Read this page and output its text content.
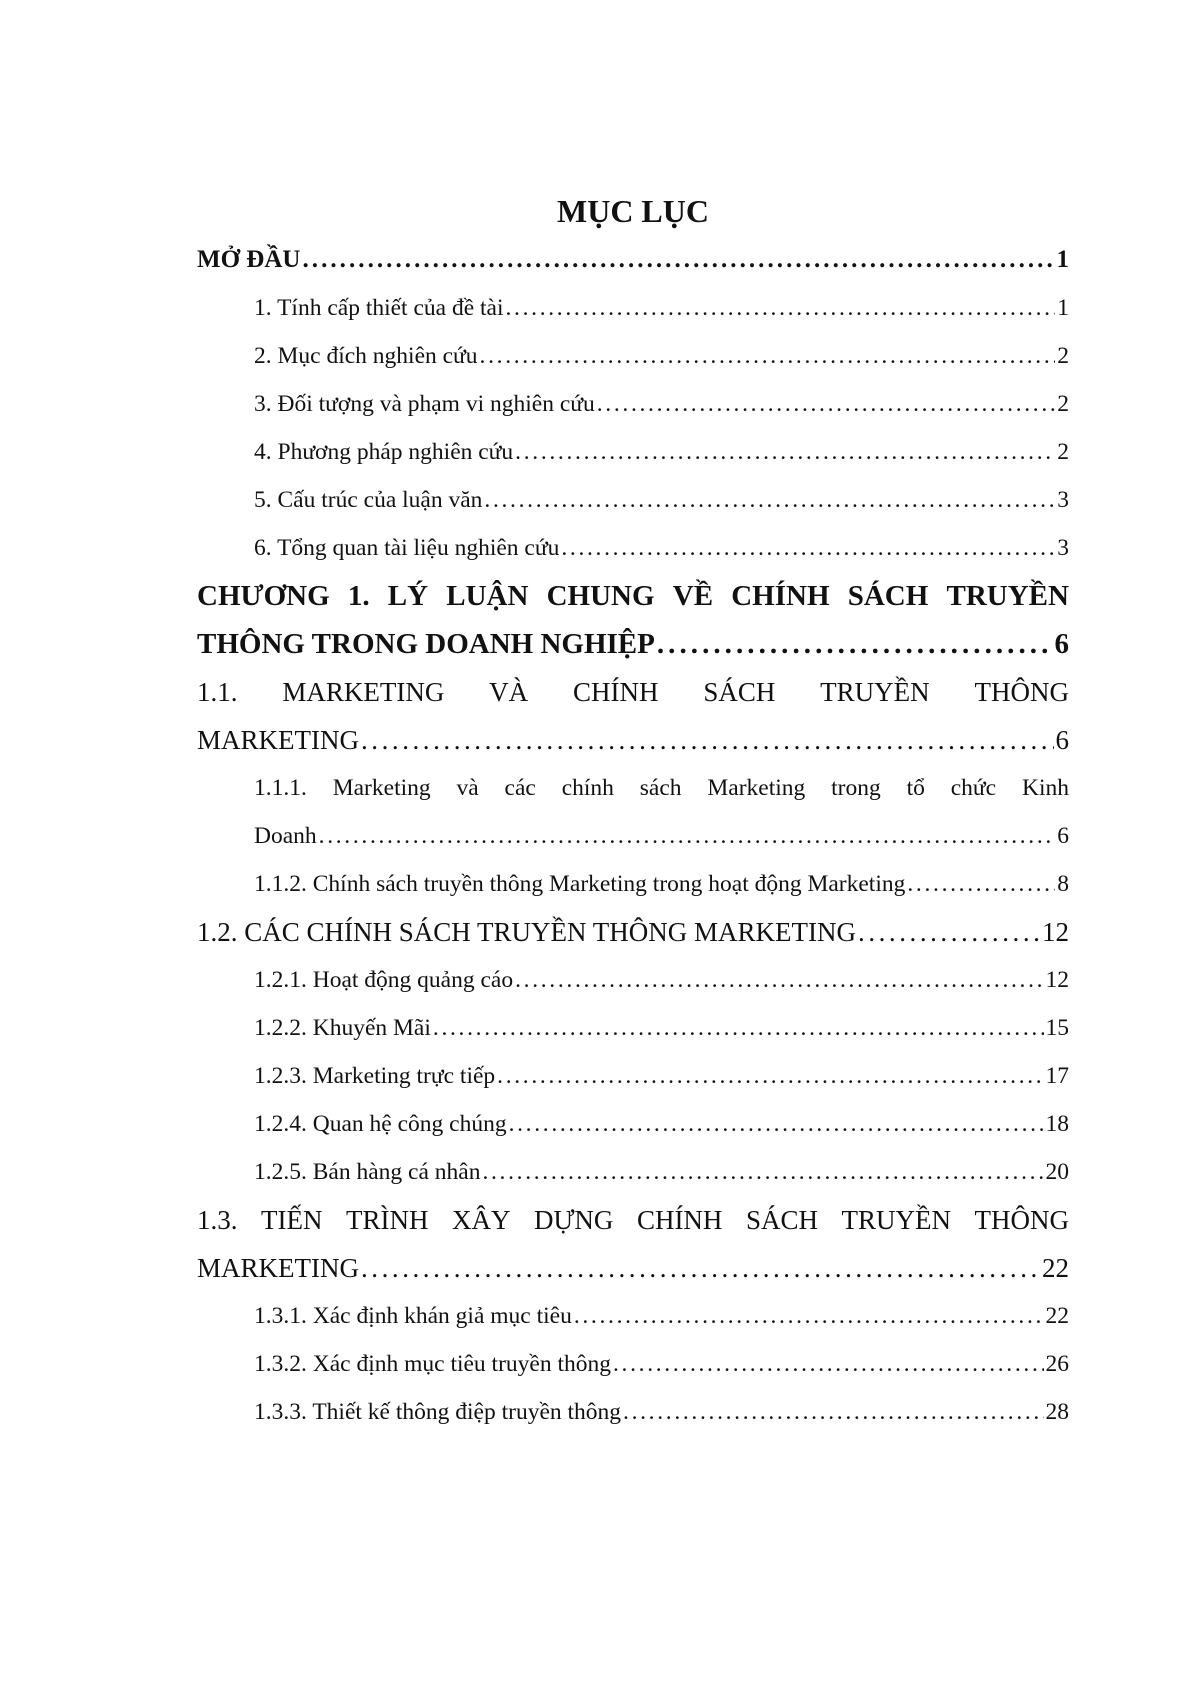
MỤC LỤC
MỞ ĐẦU . . .	1
1. Tính cấp thiết của đề tài . . .	1
2. Mục đích nghiên cứu . . .	2
3. Đối tượng và phạm vi nghiên cứu . . .	2
4. Phương pháp nghiên cứu . . .	2
5. Cấu trúc của luận văn . . .	3
6. Tổng quan tài liệu nghiên cứu . . .	3
CHƯƠNG 1. LÝ LUẬN CHUNG VỀ CHÍNH SÁCH TRUYỀN
THÔNG TRONG DOANH NGHIỆP . . .	6
1.1. MARKETING VÀ CHÍNH SÁCH TRUYỀN THÔNG
MARKETING . . .	6
1.1.1. Marketing và các chính sách Marketing trong tổ chức Kinh
Doanh . . .	6
1.1.2. Chính sách truyền thông Marketing trong hoạt động Marketing . . .	8
1.2. CÁC CHÍNH SÁCH TRUYỀN THÔNG MARKETING . . .	12
1.2.1. Hoạt động quảng cáo . . .	12
1.2.2. Khuyến Mãi . . .	15
1.2.3. Marketing trực tiếp . . .	17
1.2.4. Quan hệ công chúng . . .	18
1.2.5. Bán hàng cá nhân . . .	20
1.3. TIẾN TRÌNH XÂY DỰNG CHÍNH SÁCH TRUYỀN THÔNG
MARKETING . . .	22
1.3.1. Xác định khán giả mục tiêu . . .	22
1.3.2. Xác định mục tiêu truyền thông . . .	26
1.3.3. Thiết kế thông điệp truyền thông . . .	28
